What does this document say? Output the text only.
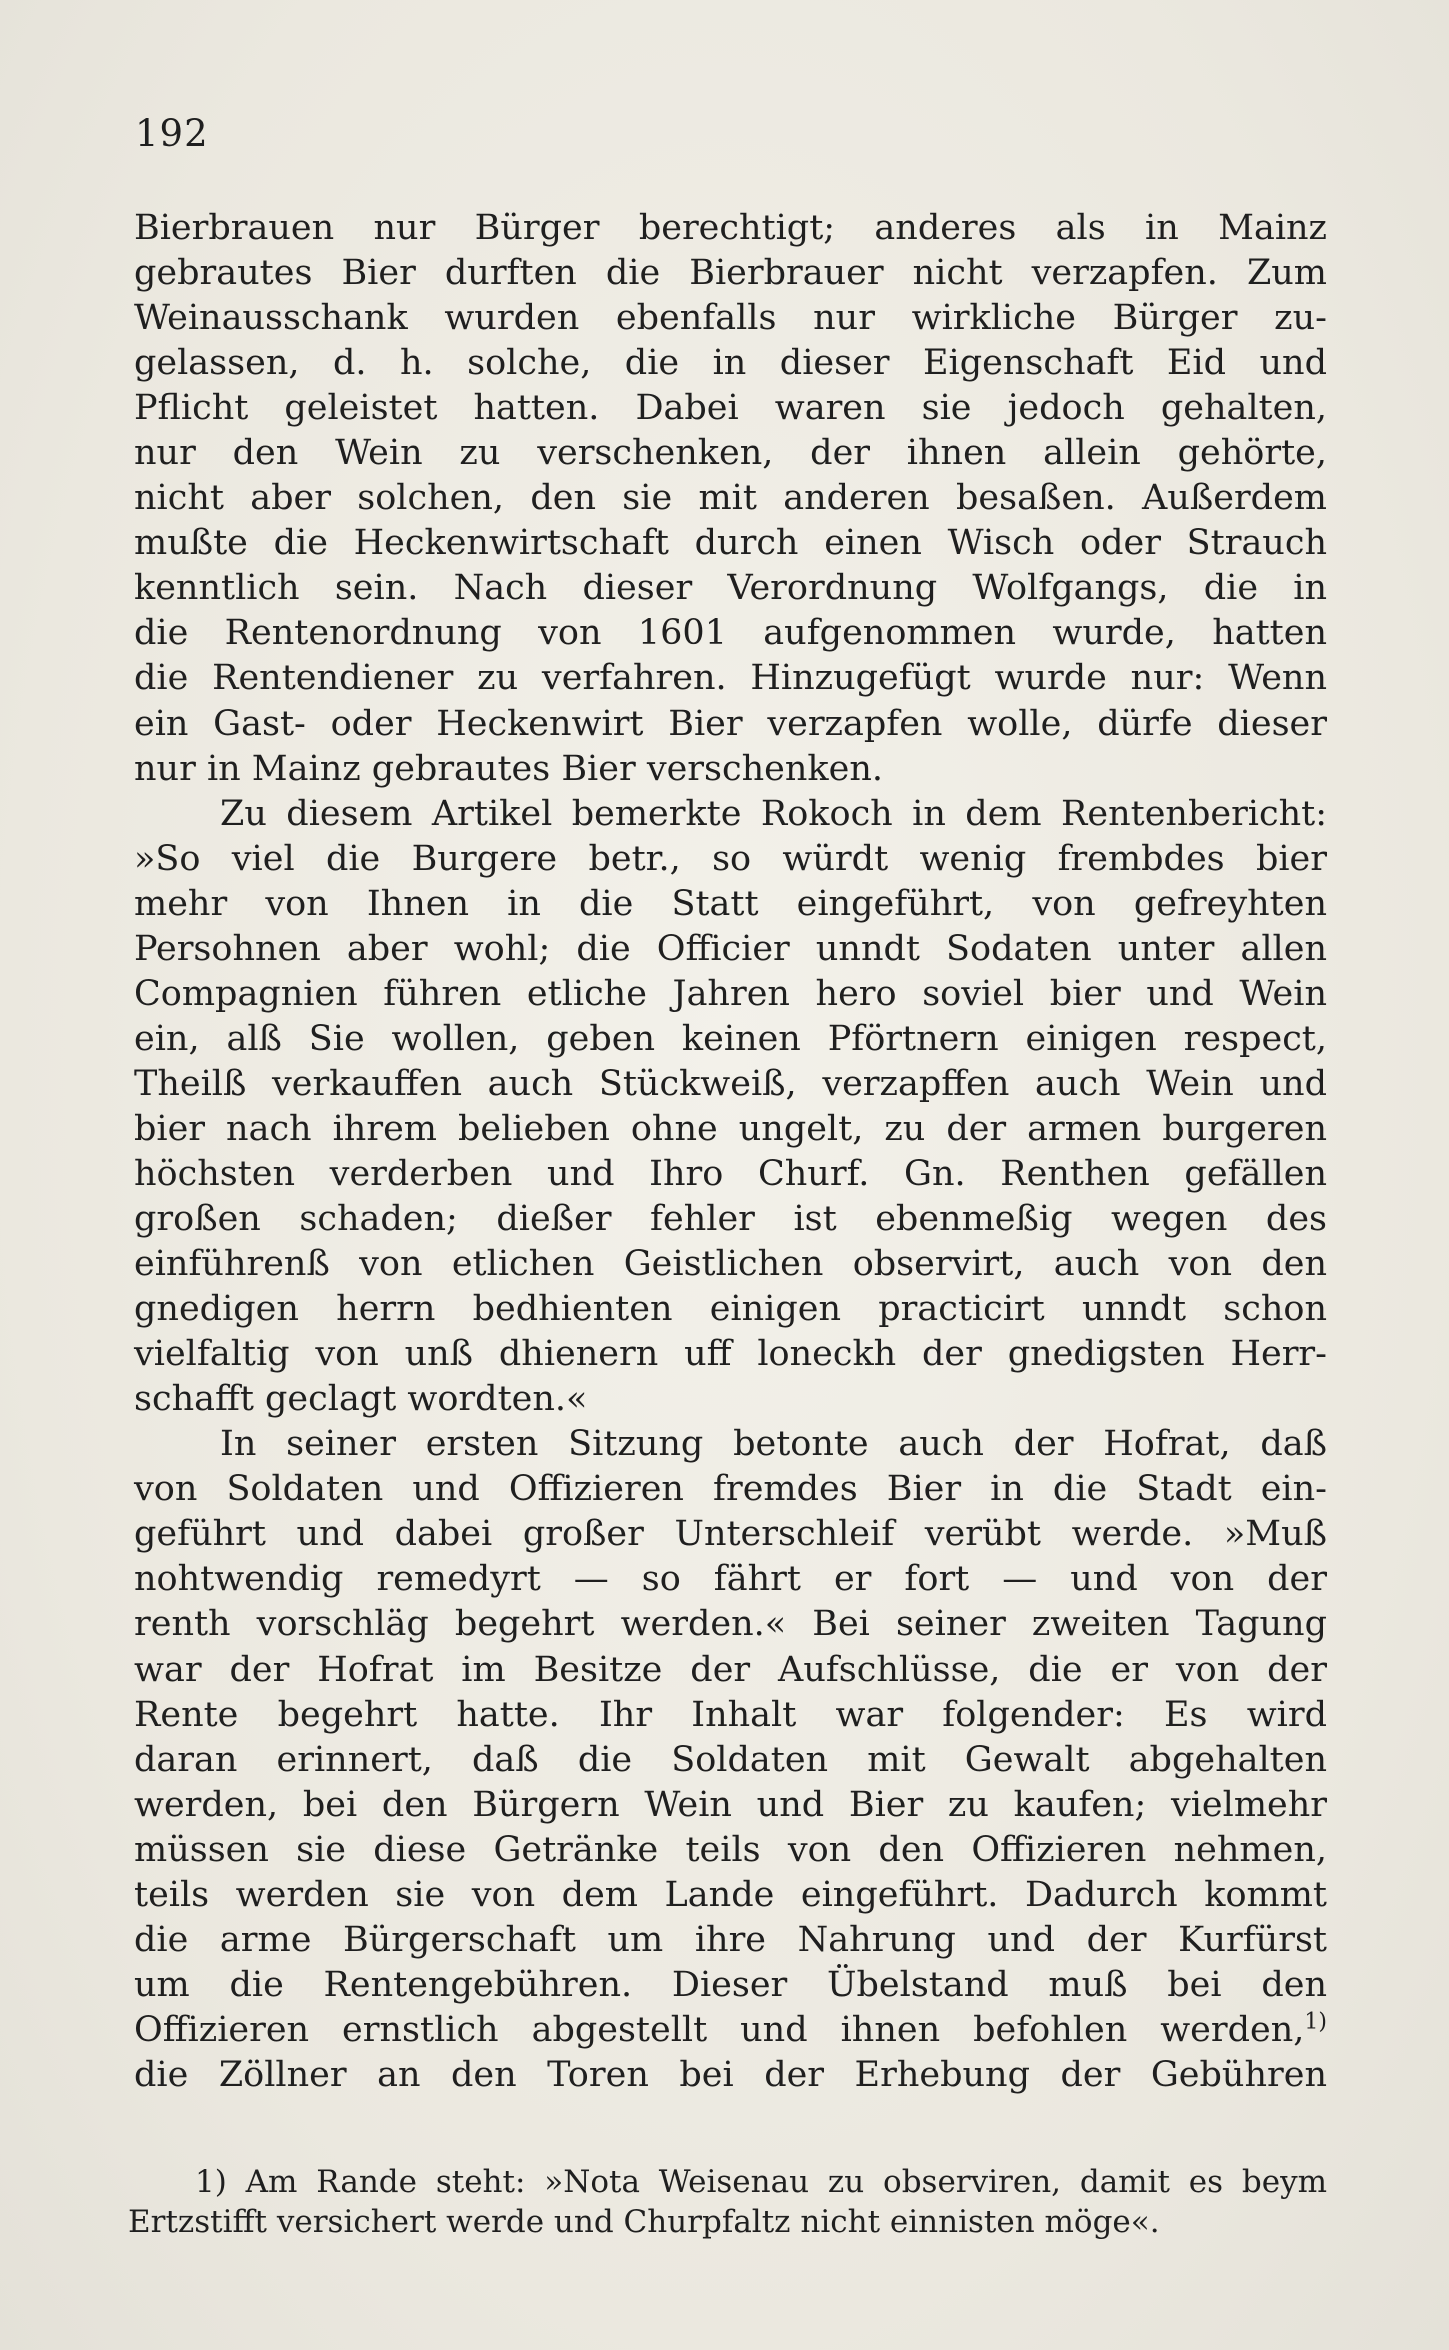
192
Bierbrauen nur Bürger berechtigt; anderes als in Mainz
gebrautes Bier durften die Bierbrauer nicht verzapfen. Zum
Weinausschank wurden ebenfalls nur wirkliche Bürger zu-
gelassen, d. h. solche, die in dieser Eigenschaft Eid und
Pflicht geleistet hatten. Dabei waren sie jedoch gehalten,
nur den Wein zu verschenken, der ihnen allein gehörte,
nicht aber solchen, den sie mit anderen besaßen. Außerdem
mußte die Heckenwirtschaft durch einen Wisch oder Strauch
kenntlich sein. Nach dieser Verordnung Wolfgangs, die in
die Rentenordnung von 1601 aufgenommen wurde, hatten
die Rentendiener zu verfahren. Hinzugefügt wurde nur: Wenn
ein Gast- oder Heckenwirt Bier verzapfen wolle, dürfe dieser
nur in Mainz gebrautes Bier verschenken.
Zu diesem Artikel bemerkte Rokoch in dem Rentenbericht:
»So viel die Burgere betr., so würdt wenig frembdes bier
mehr von Ihnen in die Statt eingeführt, von gefreyhten
Persohnen aber wohl; die Officier unndt Sodaten unter allen
Compagnien führen etliche Jahren hero soviel bier und Wein
ein, alß Sie wollen, geben keinen Pförtnern einigen respect,
Theilß verkauffen auch Stückweiß, verzapffen auch Wein und
bier nach ihrem belieben ohne ungelt, zu der armen burgeren
höchsten verderben und Ihro Churf. Gn. Renthen gefällen
großen schaden; dießer fehler ist ebenmeßig wegen des
einführenß von etlichen Geistlichen observirt, auch von den
gnedigen herrn bedhienten einigen practicirt unndt schon
vielfaltig von unß dhienern uff loneckh der gnedigsten Herr-
schafft geclagt wordten.«
In seiner ersten Sitzung betonte auch der Hofrat, daß
von Soldaten und Offizieren fremdes Bier in die Stadt ein-
geführt und dabei großer Unterschleif verübt werde. »Muß
nohtwendig remedyrt — so fährt er fort — und von der
renth vorschläg begehrt werden.« Bei seiner zweiten Tagung
war der Hofrat im Besitze der Aufschlüsse, die er von der
Rente begehrt hatte. Ihr Inhalt war folgender: Es wird
daran erinnert, daß die Soldaten mit Gewalt abgehalten
werden, bei den Bürgern Wein und Bier zu kaufen; vielmehr
müssen sie diese Getränke teils von den Offizieren nehmen,
teils werden sie von dem Lande eingeführt. Dadurch kommt
die arme Bürgerschaft um ihre Nahrung und der Kurfürst
um die Rentengebühren. Dieser Übelstand muß bei den
Offizieren ernstlich abgestellt und ihnen befohlen werden,$^{1)}$
die Zöllner an den Toren bei der Erhebung der Gebühren
1) Am Rande steht: »Nota Weisenau zu observiren, damit es beym
Ertzstifft versichert werde und Churpfaltz nicht einnisten möge«.
